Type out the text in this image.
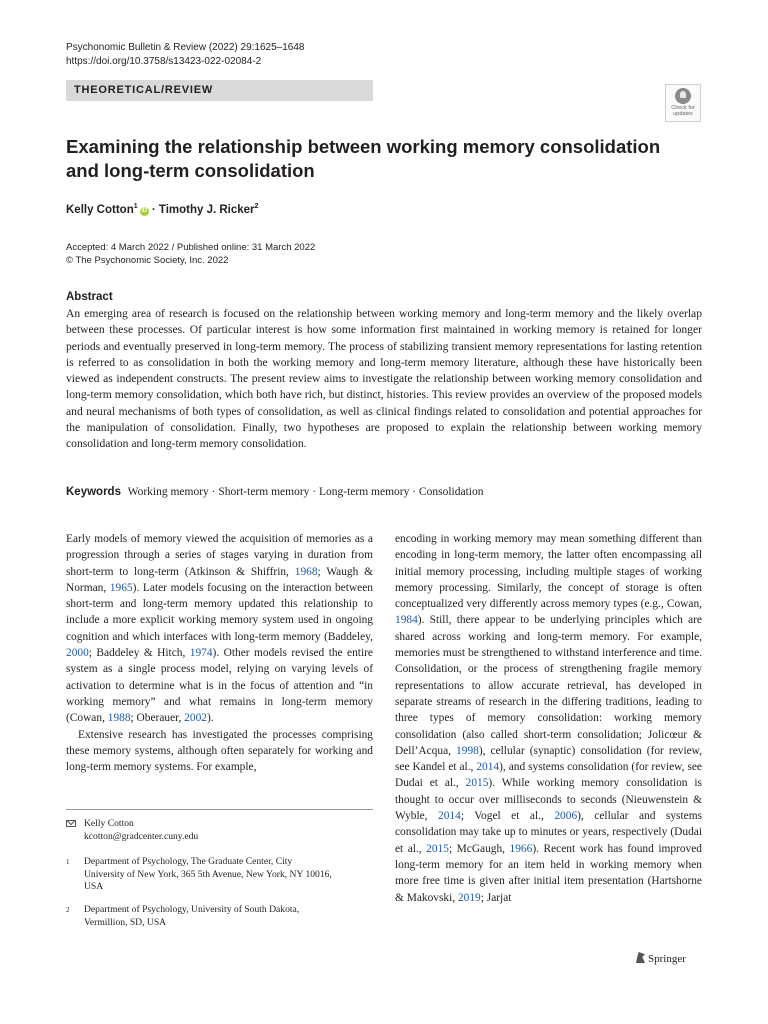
Psychonomic Bulletin & Review (2022) 29:1625–1648
https://doi.org/10.3758/s13423-022-02084-2
THEORETICAL/REVIEW
Check for updates
Examining the relationship between working memory consolidation and long-term consolidation
Kelly Cotton$^1$iD · Timothy J. Ricker$^2$
Accepted: 4 March 2022 / Published online: 31 March 2022
© The Psychonomic Society, Inc. 2022
Abstract

An emerging area of research is focused on the relationship between working memory and long-term memory and the likely overlap between these processes. Of particular interest is how some information first maintained in working memory is retained for longer periods and eventually preserved in long-term memory. The process of stabilizing transient memory representations for lasting retention is referred to as consolidation in both the working memory and long-term memory literature, although these have historically been viewed as independent constructs. The present review aims to investigate the relationship between working memory consolidation and long-term memory consolidation, which both have rich, but distinct, histories. This review provides an overview of the proposed models and neural mechanisms of both types of consolidation, as well as clinical findings related to consolidation and potential approaches for the manipulation of consolidation. Finally, two hypotheses are proposed to explain the relationship between working memory consolidation and long-term memory consolidation.

Keywords Working memory · Short-term memory · Long-term memory · Consolidation

Early models of memory viewed the acquisition of memories as a progression through a series of stages varying in duration from short-term to long-term (Atkinson & Shiffrin, 1968; Waugh & Norman, 1965). Later models focusing on the interaction between short-term and long-term memory updated this relationship to include a more explicit working memory system used in ongoing cognition and which interfaces with long-term memory (Baddeley, 2000; Baddeley & Hitch, 1974). Other models revised the entire system as a single process model, relying on varying levels of activation to determine what is in the focus of attention and “in working memory” and what remains in long-term memory (Cowan, 1988; Oberauer, 2002).

Extensive research has investigated the processes comprising these memory systems, although often separately for working and long-term memory systems. For example,

encoding in working memory may mean something different than encoding in long-term memory, the latter often encompassing all initial memory processing, including multiple stages of working memory processing. Similarly, the concept of storage is often conceptualized very differently across memory types (e.g., Cowan, 1984). Still, there appear to be underlying principles which are shared across working and long-term memory. For example, memories must be strengthened to withstand interference and time. Consolidation, or the process of strengthening fragile memory representations to allow accurate retrieval, has developed in separate streams of research in the differing traditions, leading to three types of memory consolidation: working memory consolidation (also called short-term consolidation; Jolicœur & Dell’Acqua, 1998), cellular (synaptic) consolidation (for review, see Kandel et al., 2014), and systems consolidation (for review, see Dudai et al., 2015). While working memory consolidation is thought to occur over milliseconds to seconds (Nieuwenstein & Wyble, 2014; Vogel et al., 2006), cellular and systems consolidation may take up to minutes or years, respectively (Dudai et al., 2015; McGaugh, 1966). Recent work has found improved long-term memory for an item held in working memory when more free time is given after initial item presentation (Hartshorne & Makovski, 2019; Jarjat

Kelly Cotton
kcotton@gradcenter.cuny.edu
1 Department of Psychology, The Graduate Center, City University of New York, 365 5th Avenue, New York, NY 10016, USA
2 Department of Psychology, University of South Dakota, Vermillion, SD, USA
Springer
